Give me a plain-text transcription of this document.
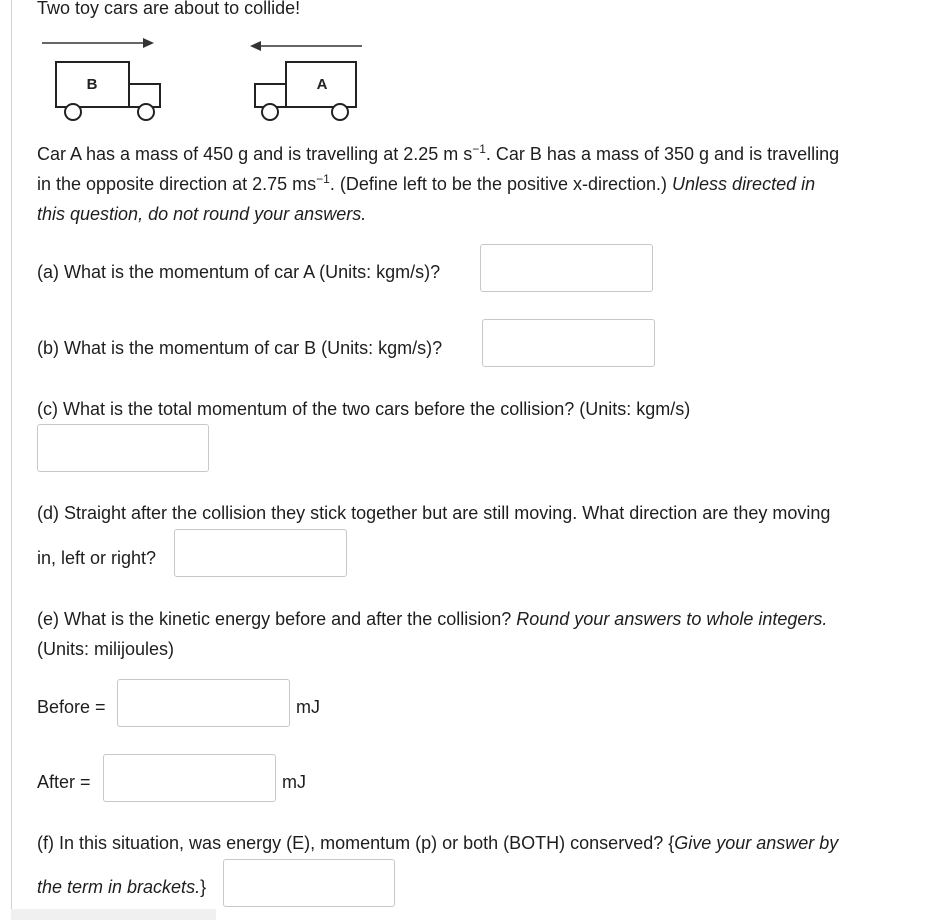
Two toy cars are about to collide!
B	A
Car A has a mass of 450 g and is travelling at 2.25 m $s^{-1}$. Car B has a mass of 350 g and is travelling
in the opposite direction at 2.75 $ms^{-1}$. (Define left to be the positive x-direction.) Unless directed in
this question, do not round your answers.
(a) What is the momentum of car A (Units: kgm/s)?
(b) What is the momentum of car B (Units: kgm/s)?
(c) What is the total momentum of the two cars before the collision? (Units: kgm/s)
(d) Straight after the collision they stick together but are still moving. What direction are they moving
in, left or right?
(e) What is the kinetic energy before and after the collision? Round your answers to whole integers.
(Units: milijoules)
Before =	mJ
After =	mJ
(f) In this situation, was energy (E), momentum (p) or both (BOTH) conserved? {Give your answer by
the term in brackets.}
